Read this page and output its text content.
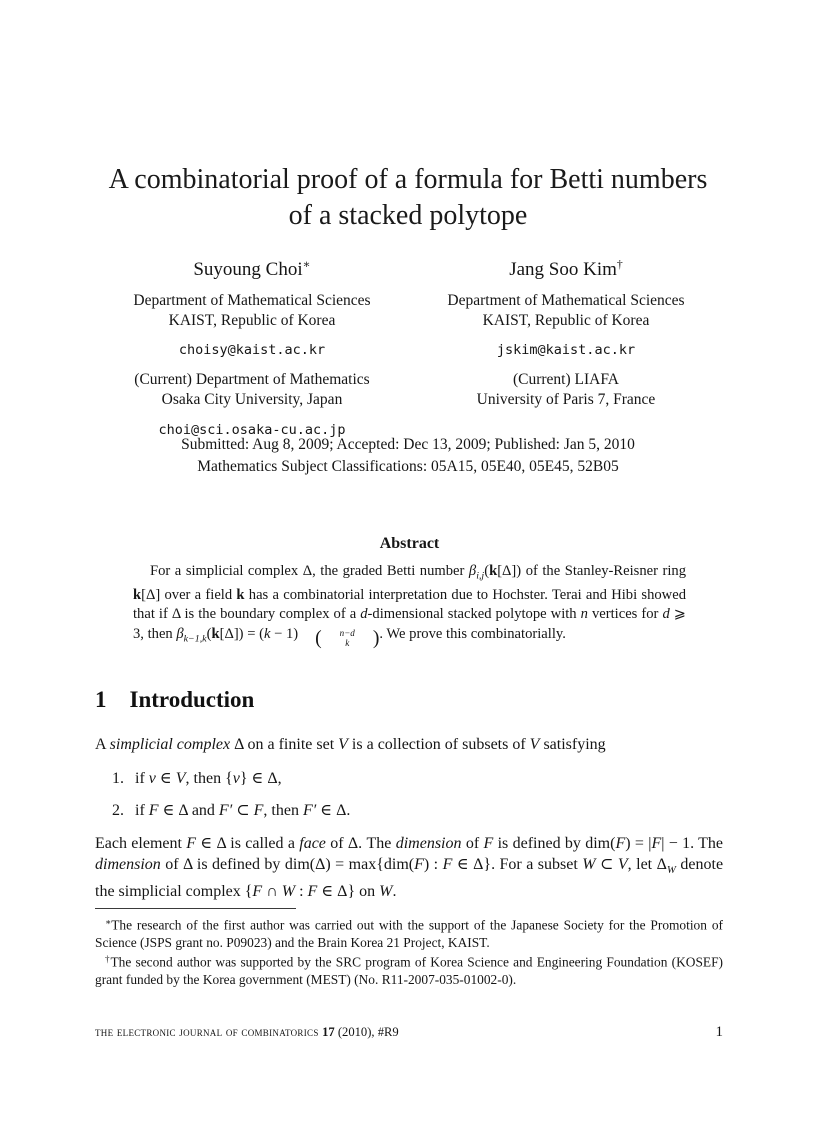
A combinatorial proof of a formula for Betti numbers
of a stacked polytope
Suyoung Choi∗
Department of Mathematical Sciences
KAIST, Republic of Korea
choisy@kaist.ac.kr
(Current) Department of Mathematics
Osaka City University, Japan
choi@sci.osaka-cu.ac.jp
Jang Soo Kim†
Department of Mathematical Sciences
KAIST, Republic of Korea
jskim@kaist.ac.kr
(Current) LIAFA
University of Paris 7, France
Submitted: Aug 8, 2009; Accepted: Dec 13, 2009; Published: Jan 5, 2010
Mathematics Subject Classifications: 05A15, 05E40, 05E45, 52B05
Abstract
For a simplicial complex Δ, the graded Betti number $\beta_{i,j}(k[\Delta])$ of the Stanley-Reisner ring k[Δ] over a field k has a combinatorial interpretation due to Hochster. Terai and Hibi showed that if Δ is the boundary complex of a d-dimensional stacked polytope with n vertices for d ⩾ 3, then $\beta_{k-1,k}(k[\Delta]) = (k - 1)$ (	n−d
k	) . We prove this combinatorially.
1 Introduction
A simplicial complex Δ on a finite set V is a collection of subsets of V satisfying
1. if v ∈ V, then {v} ∈ Δ,
2. if F ∈ Δ and F′ ⊂ F, then F′ ∈ Δ.
Each element F ∈ Δ is called a face of Δ. The dimension of F is defined by dim(F) = |F| − 1. The dimension of Δ is defined by dim(Δ) = max{dim(F) : F ∈ Δ}. For a subset W ⊂ V, let $\Delta_W$ denote the simplicial complex {F ∩ W : F ∈ Δ} on W.
∗The research of the first author was carried out with the support of the Japanese Society for the Promotion of Science (JSPS grant no. P09023) and the Brain Korea 21 Project, KAIST.
†The second author was supported by the SRC program of Korea Science and Engineering Foundation (KOSEF) grant funded by the Korea government (MEST) (No. R11-2007-035-01002-0).
the electronic journal of combinatorics 17 (2010), #R9	1
